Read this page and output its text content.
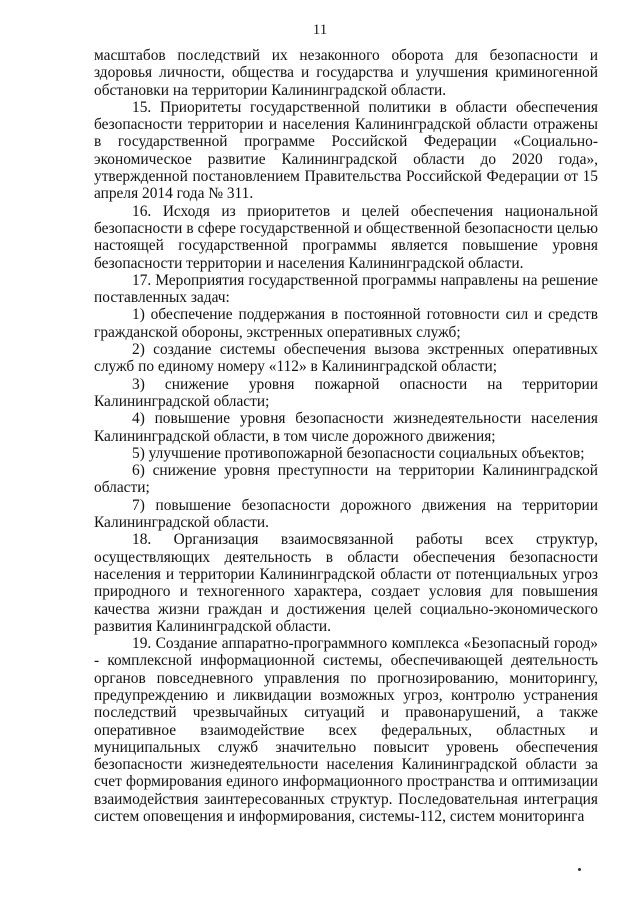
11

масштабов последствий их незаконного оборота для безопасности и здоровья личности, общества и государства и улучшения криминогенной обстановки на территории Калининградской области.

15. Приоритеты государственной политики в области обеспечения безопасности территории и населения Калининградской области отражены в государственной программе Российской Федерации «Социально-экономическое развитие Калининградской области до 2020 года», утвержденной постановлением Правительства Российской Федерации от 15 апреля 2014 года № 311.

16. Исходя из приоритетов и целей обеспечения национальной безопасности в сфере государственной и общественной безопасности целью настоящей государственной программы является повышение уровня безопасности территории и населения Калининградской области.

17. Мероприятия государственной программы направлены на решение поставленных задач:

1) обеспечение поддержания в постоянной готовности сил и средств гражданской обороны, экстренных оперативных служб;

2) создание системы обеспечения вызова экстренных оперативных служб по единому номеру «112» в Калининградской области;

3) снижение уровня пожарной опасности на территории Калининградской области;

4) повышение уровня безопасности жизнедеятельности населения Калининградской области, в том числе дорожного движения;

5) улучшение противопожарной безопасности социальных объектов;

6) снижение уровня преступности на территории Калининградской области;

7) повышение безопасности дорожного движения на территории Калининградской области.

18. Организация взаимосвязанной работы всех структур, осуществляющих деятельность в области обеспечения безопасности населения и территории Калининградской области от потенциальных угроз природного и техногенного характера, создает условия для повышения качества жизни граждан и достижения целей социально-экономического развития Калининградской области.

19. Создание аппаратно-программного комплекса «Безопасный город» - комплексной информационной системы, обеспечивающей деятельность органов повседневного управления по прогнозированию, мониторингу, предупреждению и ликвидации возможных угроз, контролю устранения последствий чрезвычайных ситуаций и правонарушений, а также оперативное взаимодействие всех федеральных, областных и муниципальных служб значительно повысит уровень обеспечения безопасности жизнедеятельности населения Калининградской области за счет формирования единого информационного пространства и оптимизации взаимодействия заинтересованных структур. Последовательная интеграция систем оповещения и информирования, системы-112, систем мониторинга
